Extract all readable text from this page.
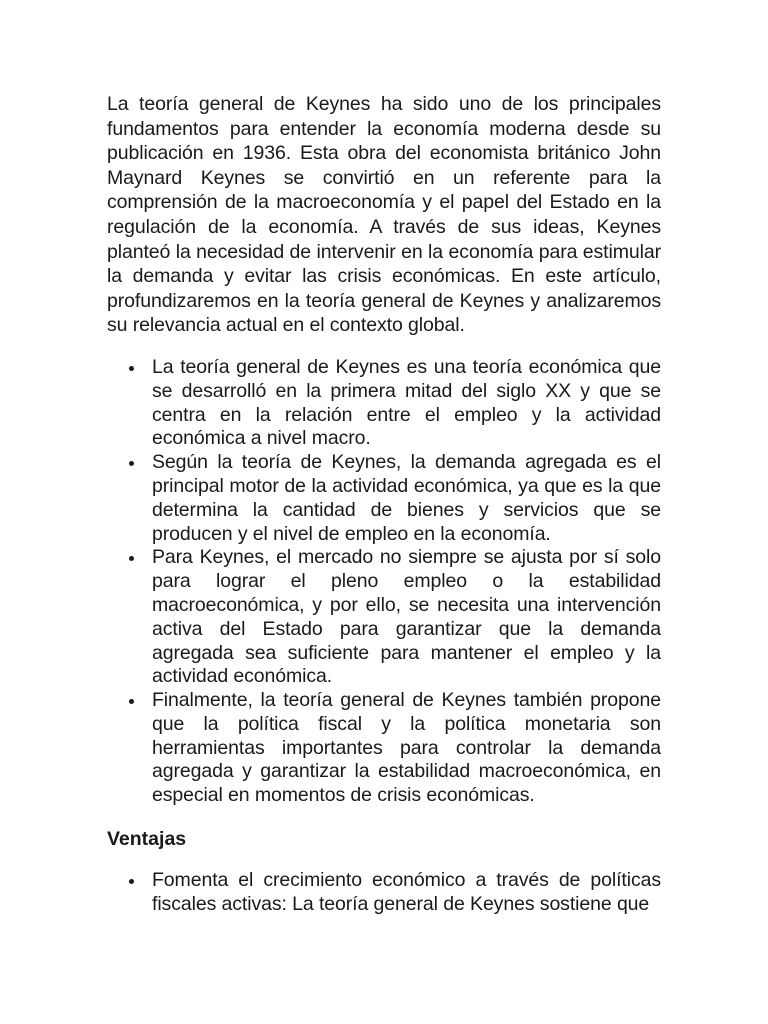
La teoría general de Keynes ha sido uno de los principales fundamentos para entender la economía moderna desde su publicación en 1936. Esta obra del economista británico John Maynard Keynes se convirtió en un referente para la comprensión de la macroeconomía y el papel del Estado en la regulación de la economía. A través de sus ideas, Keynes planteó la necesidad de intervenir en la economía para estimular la demanda y evitar las crisis económicas. En este artículo, profundizaremos en la teoría general de Keynes y analizaremos su relevancia actual en el contexto global.

La teoría general de Keynes es una teoría económica que se desarrolló en la primera mitad del siglo XX y que se centra en la relación entre el empleo y la actividad económica a nivel macro.
Según la teoría de Keynes, la demanda agregada es el principal motor de la actividad económica, ya que es la que determina la cantidad de bienes y servicios que se producen y el nivel de empleo en la economía.
Para Keynes, el mercado no siempre se ajusta por sí solo para lograr el pleno empleo o la estabilidad macroeconómica, y por ello, se necesita una intervención activa del Estado para garantizar que la demanda agregada sea suficiente para mantener el empleo y la actividad económica.
Finalmente, la teoría general de Keynes también propone que la política fiscal y la política monetaria son herramientas importantes para controlar la demanda agregada y garantizar la estabilidad macroeconómica, en especial en momentos de crisis económicas.
Ventajas
Fomenta el crecimiento económico a través de políticas fiscales activas: La teoría general de Keynes sostiene que
